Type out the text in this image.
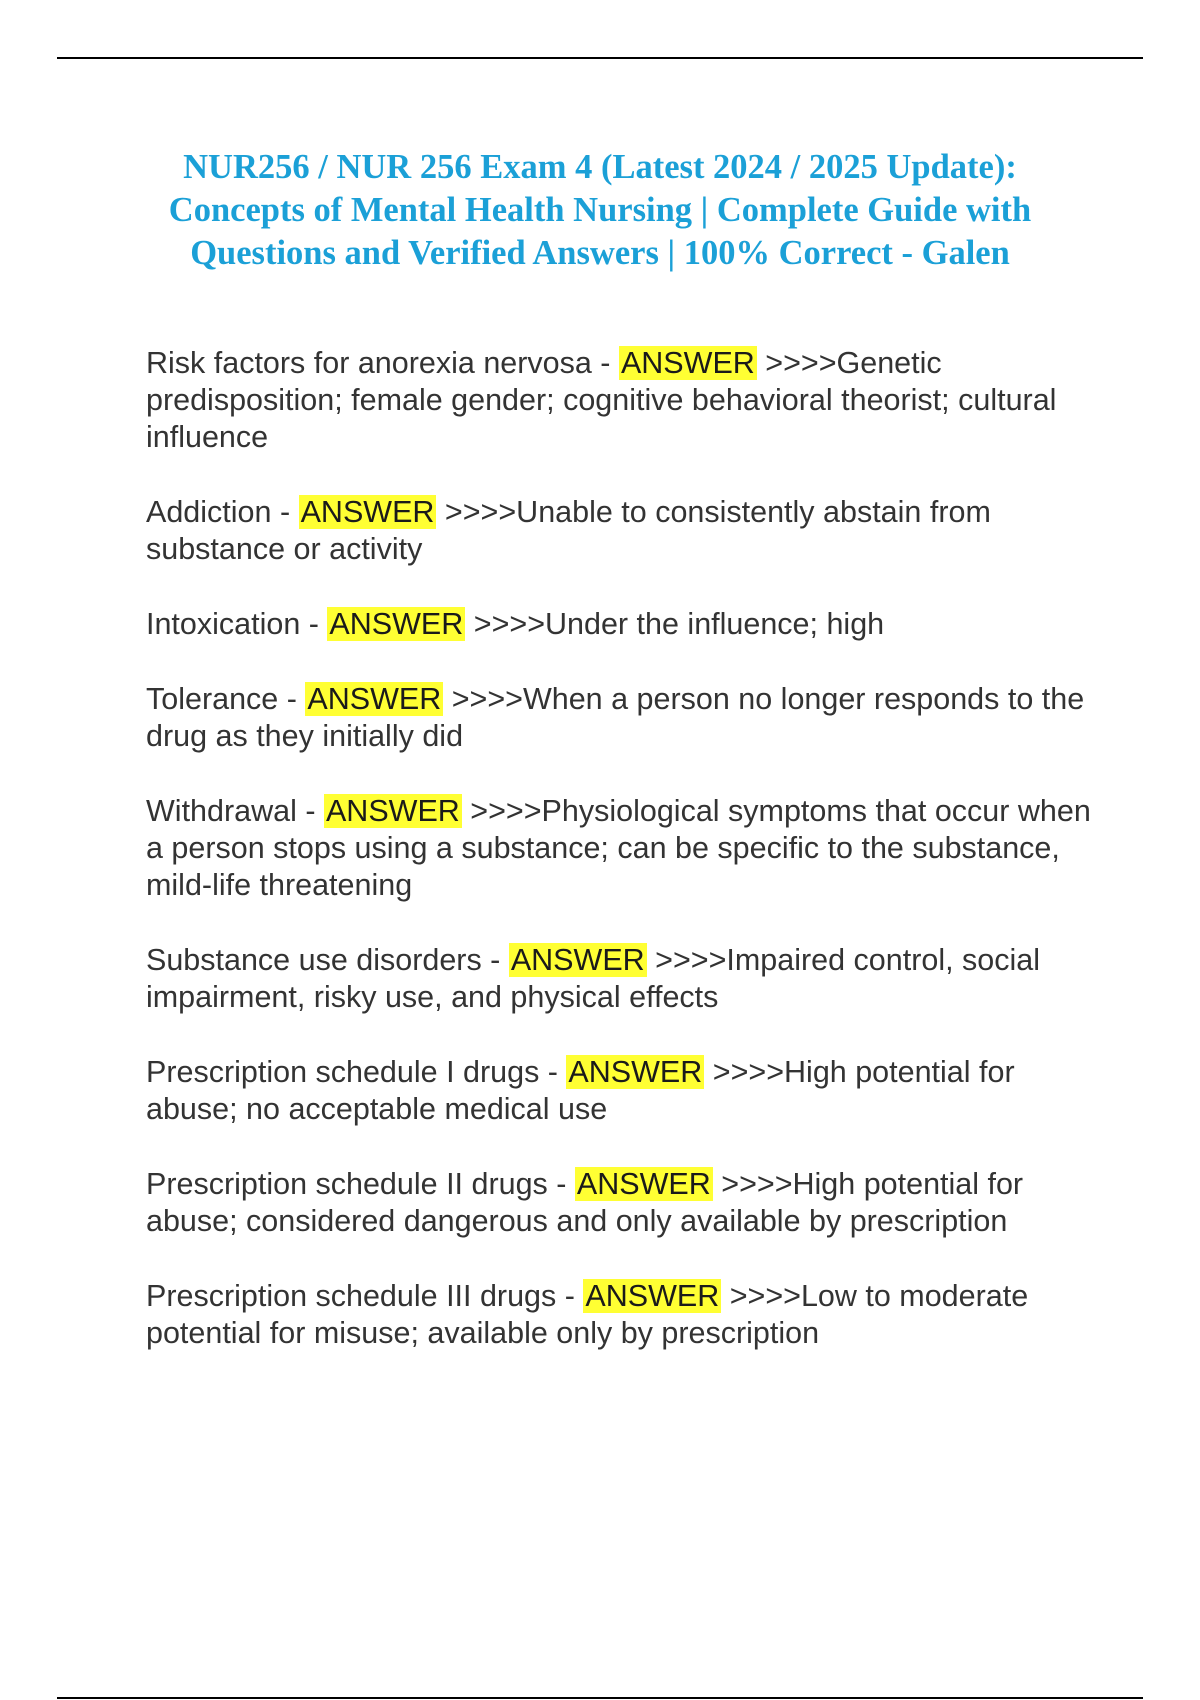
NUR256 / NUR 256 Exam 4 (Latest 2024 / 2025 Update): Concepts of Mental Health Nursing | Complete Guide with Questions and Verified Answers | 100% Correct - Galen
Risk factors for anorexia nervosa - ANSWER >>>>Genetic predisposition; female gender; cognitive behavioral theorist; cultural influence
Addiction - ANSWER >>>>Unable to consistently abstain from substance or activity
Intoxication - ANSWER >>>>Under the influence; high
Tolerance - ANSWER >>>>When a person no longer responds to the drug as they initially did
Withdrawal - ANSWER >>>>Physiological symptoms that occur when a person stops using a substance; can be specific to the substance, mild-life threatening
Substance use disorders - ANSWER >>>>Impaired control, social impairment, risky use, and physical effects
Prescription schedule I drugs - ANSWER >>>>High potential for abuse; no acceptable medical use
Prescription schedule II drugs - ANSWER >>>>High potential for abuse; considered dangerous and only available by prescription
Prescription schedule III drugs - ANSWER >>>>Low to moderate potential for misuse; available only by prescription
